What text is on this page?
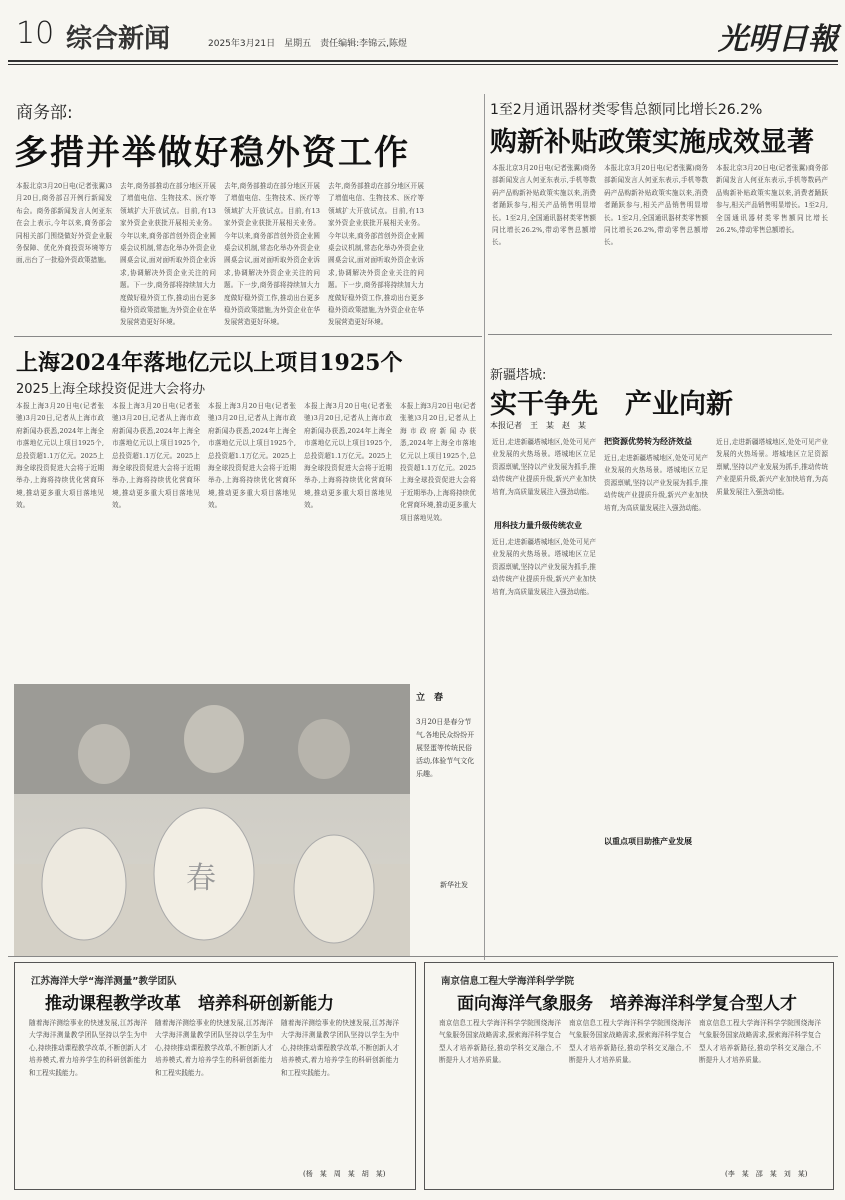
10 综合新闻	2025年3月21日　星期五　责任编辑:李锦云,陈煜	光明日報
商务部:
多措并举做好稳外资工作
本报北京3月20日电(记者张翼)3月20日,商务部召开例行新闻发布会。商务部新闻发言人何亚东在会上表示,今年以来,商务部会同相关部门围绕做好外资企业服务保障、优化外商投资环境等方面,出台了一批稳外资政策措施。
去年,商务部推动在部分地区开展了增值电信、生物技术、医疗等领域扩大开放试点。目前,有13家外资企业获批开展相关业务。今年以来,商务部首创外资企业圆桌会议机制,常态化举办外资企业圆桌会议,面对面听取外资企业诉求,协调解决外资企业关注的问题。下一步,商务部将持续加大力度做好稳外资工作,推动出台更多稳外资政策措施,为外资企业在华发展营造更好环境。
去年,商务部推动在部分地区开展了增值电信、生物技术、医疗等领域扩大开放试点。目前,有13家外资企业获批开展相关业务。今年以来,商务部首创外资企业圆桌会议机制,常态化举办外资企业圆桌会议,面对面听取外资企业诉求,协调解决外资企业关注的问题。下一步,商务部将持续加大力度做好稳外资工作,推动出台更多稳外资政策措施,为外资企业在华发展营造更好环境。
去年,商务部推动在部分地区开展了增值电信、生物技术、医疗等领域扩大开放试点。目前,有13家外资企业获批开展相关业务。今年以来,商务部首创外资企业圆桌会议机制,常态化举办外资企业圆桌会议,面对面听取外资企业诉求,协调解决外资企业关注的问题。下一步,商务部将持续加大力度做好稳外资工作,推动出台更多稳外资政策措施,为外资企业在华发展营造更好环境。
1至2月通讯器材类零售总额同比增长26.2%
购新补贴政策实施成效显著
本报北京3月20日电(记者张翼)商务部新闻发言人何亚东表示,手机等数码产品购新补贴政策实施以来,消费者踊跃参与,相关产品销售明显增长。1至2月,全国通讯器材类零售额同比增长26.2%,带动零售总额增长。
本报北京3月20日电(记者张翼)商务部新闻发言人何亚东表示,手机等数码产品购新补贴政策实施以来,消费者踊跃参与,相关产品销售明显增长。1至2月,全国通讯器材类零售额同比增长26.2%,带动零售总额增长。
本报北京3月20日电(记者张翼)商务部新闻发言人何亚东表示,手机等数码产品购新补贴政策实施以来,消费者踊跃参与,相关产品销售明显增长。1至2月,全国通讯器材类零售额同比增长26.2%,带动零售总额增长。
上海2024年落地亿元以上项目1925个
2025上海全球投资促进大会将办
本报上海3月20日电(记者张驰)3月20日,记者从上海市政府新闻办获悉,2024年上海全市落地亿元以上项目1925个,总投资超1.1万亿元。2025上海全球投资促进大会将于近期举办,上海将持续优化营商环境,推动更多重大项目落地见效。
本报上海3月20日电(记者张驰)3月20日,记者从上海市政府新闻办获悉,2024年上海全市落地亿元以上项目1925个,总投资超1.1万亿元。2025上海全球投资促进大会将于近期举办,上海将持续优化营商环境,推动更多重大项目落地见效。
本报上海3月20日电(记者张驰)3月20日,记者从上海市政府新闻办获悉,2024年上海全市落地亿元以上项目1925个,总投资超1.1万亿元。2025上海全球投资促进大会将于近期举办,上海将持续优化营商环境,推动更多重大项目落地见效。
本报上海3月20日电(记者张驰)3月20日,记者从上海市政府新闻办获悉,2024年上海全市落地亿元以上项目1925个,总投资超1.1万亿元。2025上海全球投资促进大会将于近期举办,上海将持续优化营商环境,推动更多重大项目落地见效。
本报上海3月20日电(记者张驰)3月20日,记者从上海市政府新闻办获悉,2024年上海全市落地亿元以上项目1925个,总投资超1.1万亿元。2025上海全球投资促进大会将于近期举办,上海将持续优化营商环境,推动更多重大项目落地见效。
春
立　春
3月20日是春分节气,各地民众纷纷开展竖蛋等传统民俗活动,体验节气文化乐趣。
新华社发
新疆塔城:
实干争先　产业向新
本报记者　王　某　赵　某
近日,走进新疆塔城地区,处处可见产业发展的火热场景。塔城地区立足资源禀赋,坚持以产业发展为抓手,推动传统产业提质升级,新兴产业加快培育,为高质量发展注入强劲动能。
把资源优势转为经济效益
近日,走进新疆塔城地区,处处可见产业发展的火热场景。塔城地区立足资源禀赋,坚持以产业发展为抓手,推动传统产业提质升级,新兴产业加快培育,为高质量发展注入强劲动能。
近日,走进新疆塔城地区,处处可见产业发展的火热场景。塔城地区立足资源禀赋,坚持以产业发展为抓手,推动传统产业提质升级,新兴产业加快培育,为高质量发展注入强劲动能。
用科技力量升级传统农业
近日,走进新疆塔城地区,处处可见产业发展的火热场景。塔城地区立足资源禀赋,坚持以产业发展为抓手,推动传统产业提质升级,新兴产业加快培育,为高质量发展注入强劲动能。
以重点项目助推产业发展
江苏海洋大学“海洋测量”教学团队
推动课程教学改革　培养科研创新能力
随着海洋测绘事业的快速发展,江苏海洋大学海洋测量教学团队坚持以学生为中心,持续推动课程教学改革,不断创新人才培养模式,着力培养学生的科研创新能力和工程实践能力。
随着海洋测绘事业的快速发展,江苏海洋大学海洋测量教学团队坚持以学生为中心,持续推动课程教学改革,不断创新人才培养模式,着力培养学生的科研创新能力和工程实践能力。
随着海洋测绘事业的快速发展,江苏海洋大学海洋测量教学团队坚持以学生为中心,持续推动课程教学改革,不断创新人才培养模式,着力培养学生的科研创新能力和工程实践能力。
(杨　某　周　某　胡　某)
南京信息工程大学海洋科学学院
面向海洋气象服务　培养海洋科学复合型人才
南京信息工程大学海洋科学学院围绕海洋气象服务国家战略需求,探索海洋科学复合型人才培养新路径,推动学科交叉融合,不断提升人才培养质量。
南京信息工程大学海洋科学学院围绕海洋气象服务国家战略需求,探索海洋科学复合型人才培养新路径,推动学科交叉融合,不断提升人才培养质量。
南京信息工程大学海洋科学学院围绕海洋气象服务国家战略需求,探索海洋科学复合型人才培养新路径,推动学科交叉融合,不断提升人才培养质量。
(李　某　邵　某　刘　某)
